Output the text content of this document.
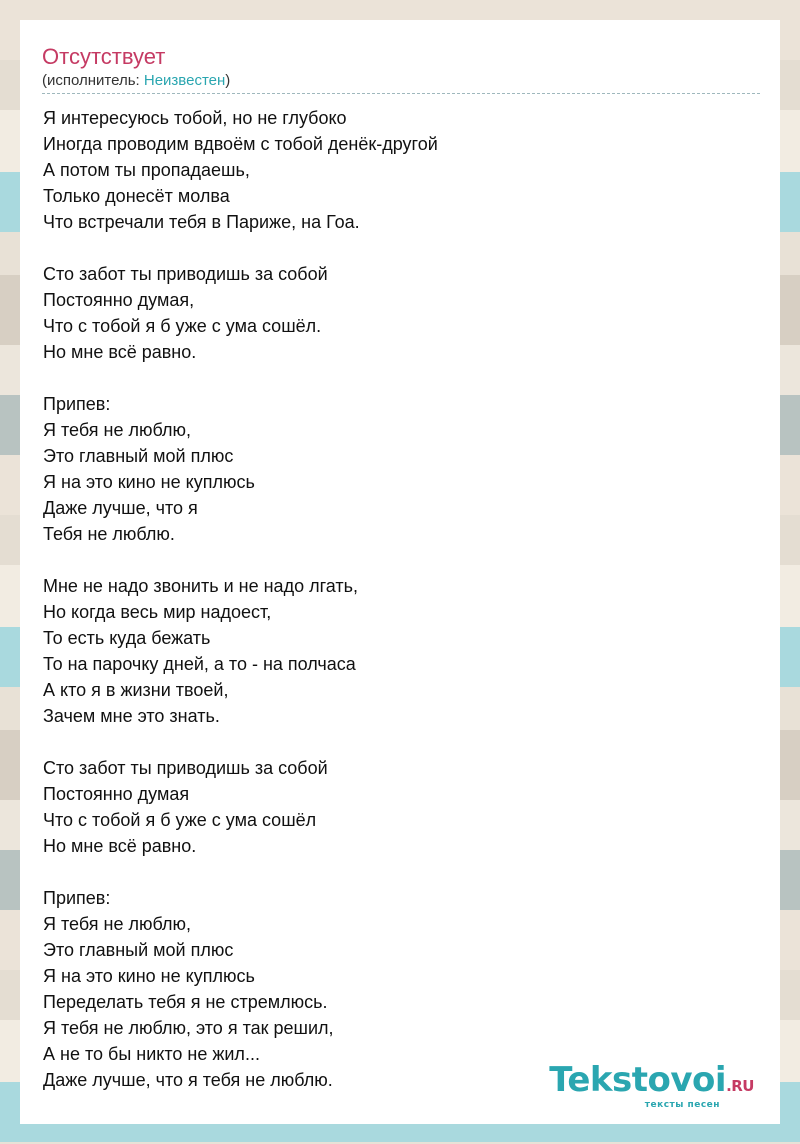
Отсутствует
(исполнитель: Неизвестен)
Я интересуюсь тобой, но не глубоко
Иногда проводим вдвоём с тобой денёк-другой
А потом ты пропадаешь,
Только донесёт молва
Что встречали тебя в Париже, на Гоа.
Сто забот ты приводишь за собой
Постоянно думая,
Что с тобой я б уже с ума сошёл.
Но мне всё равно.
Припев:
Я тебя не люблю,
Это главный мой плюс
Я на это кино не куплюсь
Даже лучше, что я
Тебя не люблю.
Мне не надо звонить и не надо лгать,
Но когда весь мир надоест,
То есть куда бежать
То на парочку дней, а то - на полчаса
А кто я в жизни твоей,
Зачем мне это знать.
Сто забот ты приводишь за собой
Постоянно думая
Что с тобой я б уже с ума сошёл
Но мне всё равно.
Припев:
Я тебя не люблю,
Это главный мой плюс
Я на это кино не куплюсь
Переделать тебя я не стремлюсь.
Я тебя не люблю, это я так решил,
А не то бы никто не жил...
Даже лучше, что я тебя не люблю.	Tekstovoi.RU
тексты песен
